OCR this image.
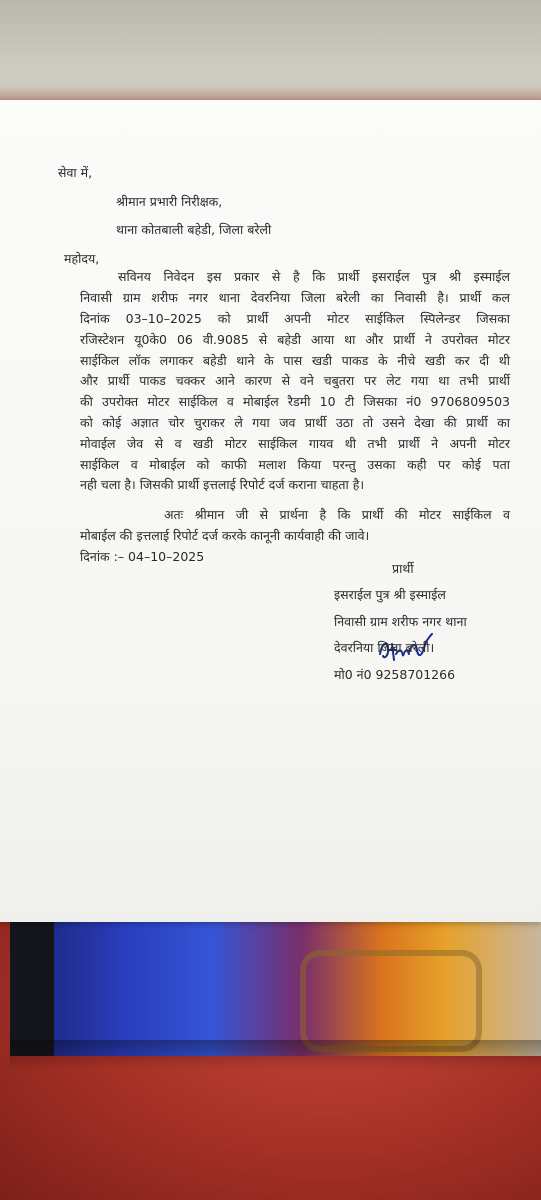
सेवा में,

श्रीमान प्रभारी निरीक्षक,

थाना कोतबाली बहेडी, जिला बरेली

महोदय,

सविनय निवेदन इस प्रकार से है कि प्रार्थी इसराईल पुत्र श्री इस्माईल

निवासी ग्राम शरीफ नगर थाना देवरनिया जिला बरेली का निवासी है। प्रार्थी कल

दिनांक 03–10–2025 को प्रार्थी अपनी मोटर साईकिल स्पिलेन्डर जिसका

रजिस्टेशन यू0के0 06 वी.9085 से बहेडी आया था और प्रार्थी ने उपरोक्त मोटर

साईकिल लॉक लगाकर बहेडी थाने के पास खडी पाकड के नीचे खडी कर दी थी

और प्रार्थी पाकड चक्कर आने कारण से वने चबुतरा पर लेट गया था तभी प्रार्थी

की उपरोक्त मोटर साईकिल व मोबाईल रैडमी 10 टी जिसका नं0 9706809503

को कोई अज्ञात चोर चुराकर ले गया जव प्रार्थी उठा तो उसने देखा की प्रार्थी का

मोवाईल जेव से व खडी मोटर साईकिल गायव थी तभी प्रार्थी ने अपनी मोटर

साईकिल व मोबाईल को काफी मलाश किया परन्तु उसका कही पर कोई पता

नही चला है। जिसकी प्रार्थी इत्तलाई रिपोर्ट दर्ज कराना चाहता है।

अतः श्रीमान जी से प्रार्थना है कि प्रार्थी की मोटर साईकिल व

मोबाईल की इत्तलाई रिपोर्ट दर्ज करके कानूनी कार्यवाही की जावे।

दिनांक :– 04–10–2025

प्रार्थी

इसराईल पुत्र श्री इस्माईल

निवासी ग्राम शरीफ नगर थाना

देवरनिया जिला बरेली।

मो0 नं0 9258701266
